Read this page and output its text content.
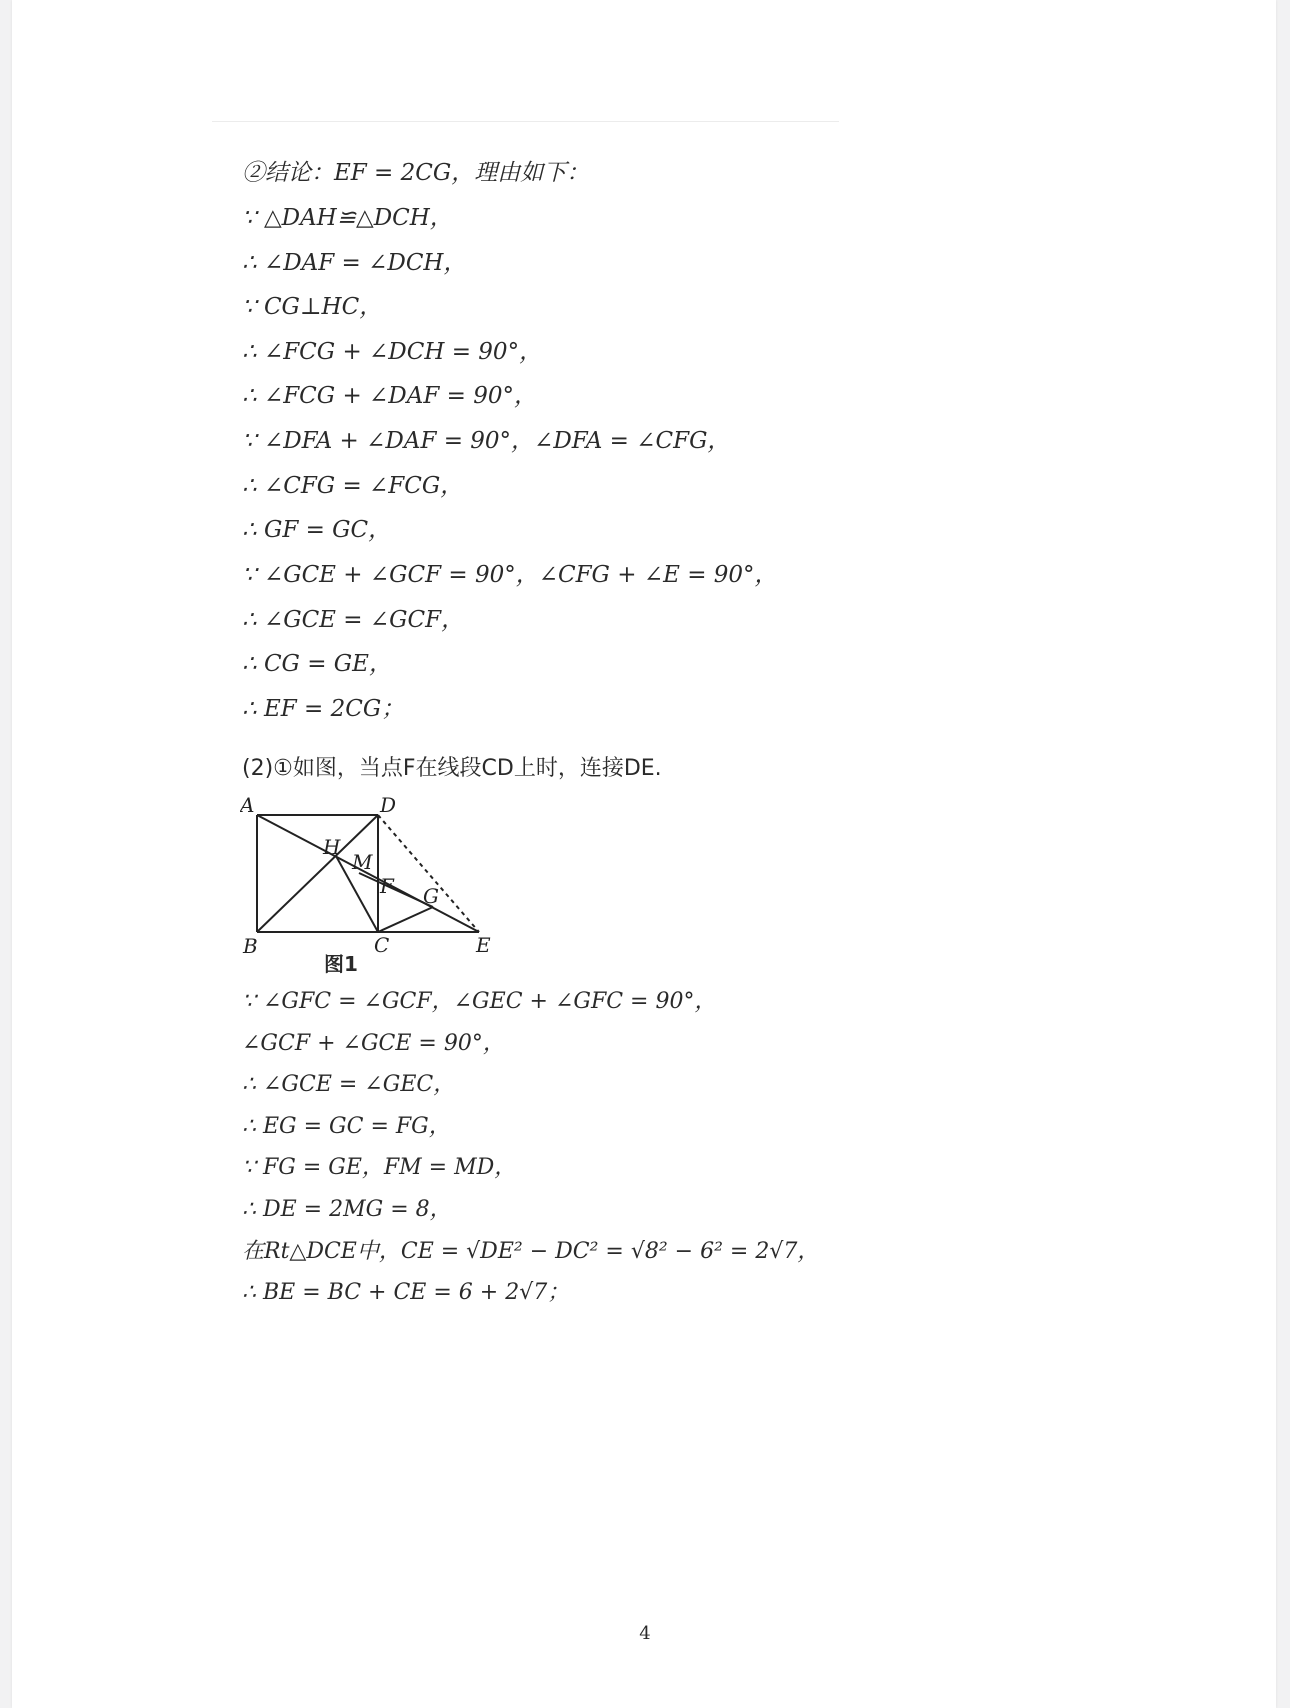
②结论：EF = 2CG，理由如下：
∵ △DAH≌△DCH，
∴ ∠DAF = ∠DCH，
∵ CG⊥HC，
∴ ∠FCG + ∠DCH = 90°，
∴ ∠FCG + ∠DAF = 90°，
∵ ∠DFA + ∠DAF = 90°，∠DFA = ∠CFG，
∴ ∠CFG = ∠FCG，
∴ GF = GC，
∵ ∠GCE + ∠GCF = 90°，∠CFG + ∠E = 90°，
∴ ∠GCE = ∠GCF，
∴ CG = GE，
∴ EF = 2CG；
(2)①如图，当点F在线段CD上时，连接DE.
A	D
H
M
F G
B	C	E
图1
∵ ∠GFC = ∠GCF，∠GEC + ∠GFC = 90°，
∠GCF + ∠GCE = 90°，
∴ ∠GCE = ∠GEC，
∴ EG = GC = FG，
∵ FG = GE，FM = MD，
∴ DE = 2MG = 8，
在Rt△DCE中，CE = √DE² − DC² = √8² − 6² = 2√7，
∴ BE = BC + CE = 6 + 2√7；
4
